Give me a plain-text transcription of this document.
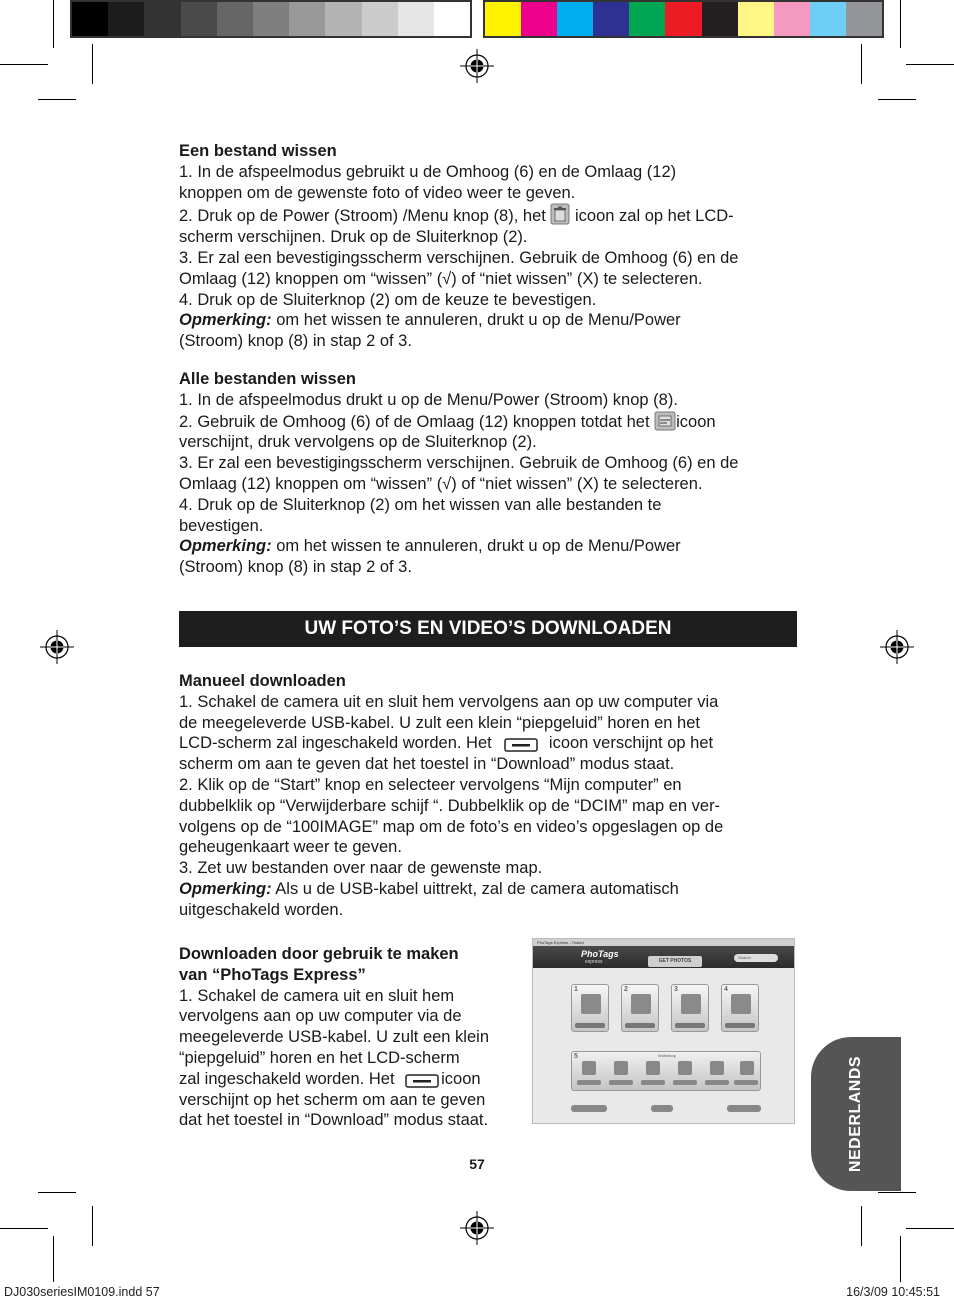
Een bestand wissen

1. In de afspeelmodus gebruikt u de Omhoog (6) en de Omlaag (12)

knoppen om de gewenste foto of video weer te geven.

2. Druk op de Power (Stroom) /Menu knop (8), het  icoon zal op het LCD-

scherm verschijnen. Druk op de Sluiterknop (2).

3. Er zal een bevestigingsscherm verschijnen. Gebruik de Omhoog (6) en de

Omlaag (12) knoppen om “wissen” (√) of “niet wissen” (X) te selecteren.

4. Druk op de Sluiterknop (2) om de keuze te bevestigen.

Opmerking: om het wissen te annuleren, drukt u op de Menu/Power

(Stroom) knop (8) in stap 2 of 3.

Alle bestanden wissen

1. In de afspeelmodus drukt u op de Menu/Power (Stroom) knop (8).

2. Gebruik de Omhoog (6) of de Omlaag (12) knoppen totdat het icoon

verschijnt, druk vervolgens op de Sluiterknop (2).

3. Er zal een bevestigingsscherm verschijnen. Gebruik de Omhoog (6) en de

Omlaag (12) knoppen om “wissen” (√) of “niet wissen” (X) te selecteren.

4. Druk op de Sluiterknop (2) om het wissen van alle bestanden te

bevestigen.

Opmerking: om het wissen te annuleren, drukt u op de Menu/Power

(Stroom) knop (8) in stap 2 of 3.

UW FOTO’S EN VIDEO’S DOWNLOADEN

Manueel downloaden

1. Schakel de camera uit en sluit hem vervolgens aan op uw computer via

de meegeleverde USB-kabel. U zult een klein “piepgeluid” horen en het

LCD-scherm zal ingeschakeld worden. Het	icoon verschijnt op het

scherm om aan te geven dat het toestel in “Download” modus staat.

2. Klik op de “Start” knop en selecteer vervolgens “Mijn computer” en

dubbelklik op “Verwijderbare schijf “. Dubbelklik op de “DCIM” map en ver-

volgens op de “100IMAGE” map om de foto’s en video’s opgeslagen op de

geheugenkaart weer te geven.

3. Zet uw bestanden over naar de gewenste map.

Opmerking: Als u de USB-kabel uittrekt, zal de camera automatisch

uitgeschakeld worden.

Downloaden door gebruik te maken

van “PhoTags Express”

1. Schakel de camera uit en sluit hem

vervolgens aan op uw computer via de

meegeleverde USB-kabel. U zult een klein

“piepgeluid” horen en het LCD-scherm

zal ingeschakeld worden. Het	icoon

verschijnt op het scherm om aan te geven

dat het toestel in “Download” modus staat.

PhoTags Express - Trialed
PhoTags
express
Search
GET PHOTOS
1	2	3	4
5	Workshop
NEDERLANDS
57
DJ030seriesIM0109.indd 57	16/3/09 10:45:51
